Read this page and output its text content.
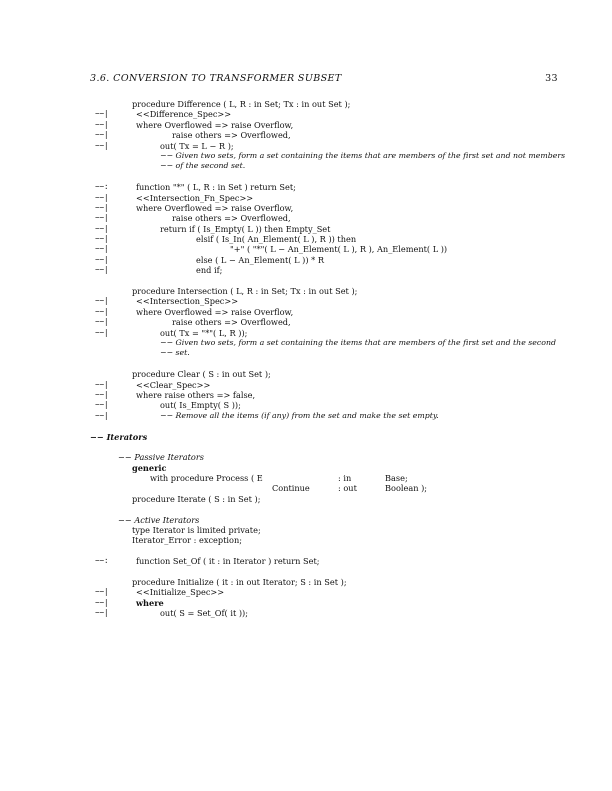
3.6. CONVERSION TO TRANSFORMER SUBSET	33
procedure Difference ( L, R : in Set; Tx : in out Set );
−−|	<<Difference_Spec>>
−−|	where Overflowed => raise Overflow,
−−|	raise others => Overflowed,
−−|	out( Tx = L − R );
−− Given two sets, form a set containing the items that are members of the first set and not members
−− of the second set.
−−:	function "*" ( L, R : in Set ) return Set;
−−|	<<Intersection_Fn_Spec>>
−−|	where Overflowed => raise Overflow,
−−|	raise others => Overflowed,
−−|	return if ( Is_Empty( L )) then Empty_Set
−−|	elsif ( Is_In( An_Element( L ), R )) then
−−|	"+" ( "*"( L − An_Element( L ), R ), An_Element( L ))
−−|	else ( L − An_Element( L )) * R
−−|	end if;
procedure Intersection ( L, R : in Set; Tx : in out Set );
−−|	<<Intersection_Spec>>
−−|	where Overflowed => raise Overflow,
−−|	raise others => Overflowed,
−−|	out( Tx = "*"( L, R ));
−− Given two sets, form a set containing the items that are members of the first set and the second
−− set.
procedure Clear ( S : in out Set );
−−|	<<Clear_Spec>>
−−|	where raise others => false,
−−|	out( Is_Empty( S ));
−−|	−− Remove all the items (if any) from the set and make the set empty.
−− Iterators
−− Passive Iterators
generic
with procedure Process ( E	: in	Base;
Continue	: out	Boolean );
procedure Iterate ( S : in Set );
−− Active Iterators
type Iterator is limited private;
Iterator_Error : exception;
−−:	function Set_Of ( it : in Iterator ) return Set;
procedure Initialize ( it : in out Iterator; S : in Set );
−−|	<<Initialize_Spec>>
−−|	where
−−|	out( S = Set_Of( it ));
